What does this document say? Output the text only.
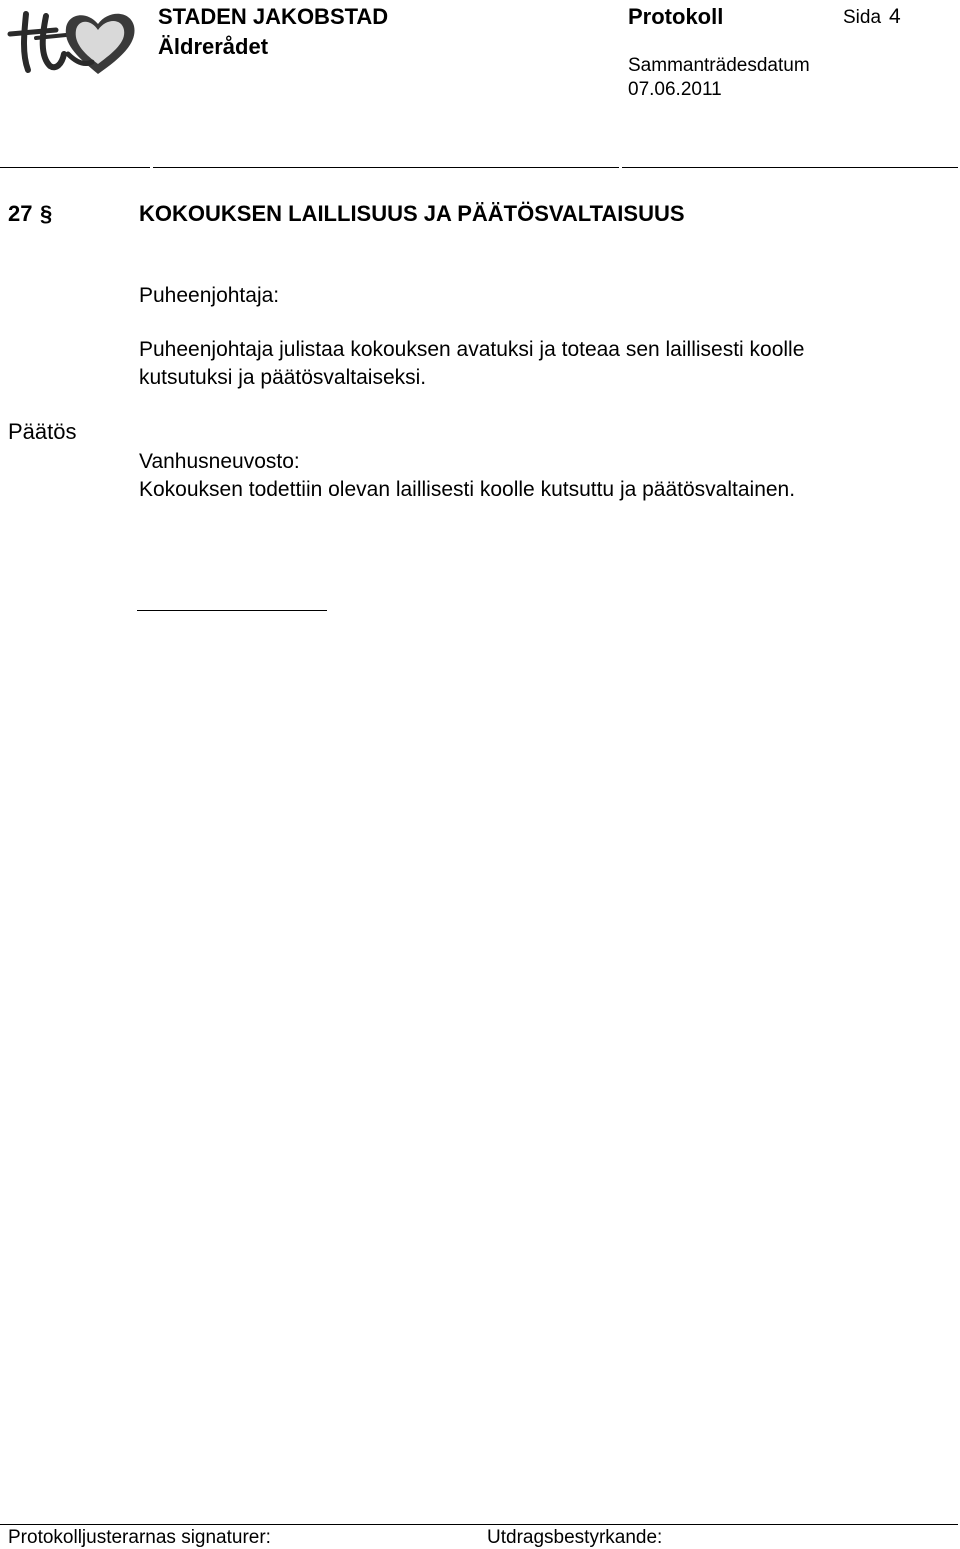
STADEN JAKOBSTAD
Äldrerådet
Protokoll	Sida 4
Sammanträdesdatum
07.06.2011
27 §	KOKOUKSEN LAILLISUUS JA PÄÄTÖSVALTAISUUS
Puheenjohtaja:
Puheenjohtaja julistaa kokouksen avatuksi ja toteaa sen laillisesti koolle
kutsutuksi ja päätösvaltaiseksi.
Päätös
Vanhusneuvosto:
Kokouksen todettiin olevan laillisesti koolle kutsuttu ja päätösvaltainen.
Protokolljusterarnas signaturer:	Utdragsbestyrkande:
